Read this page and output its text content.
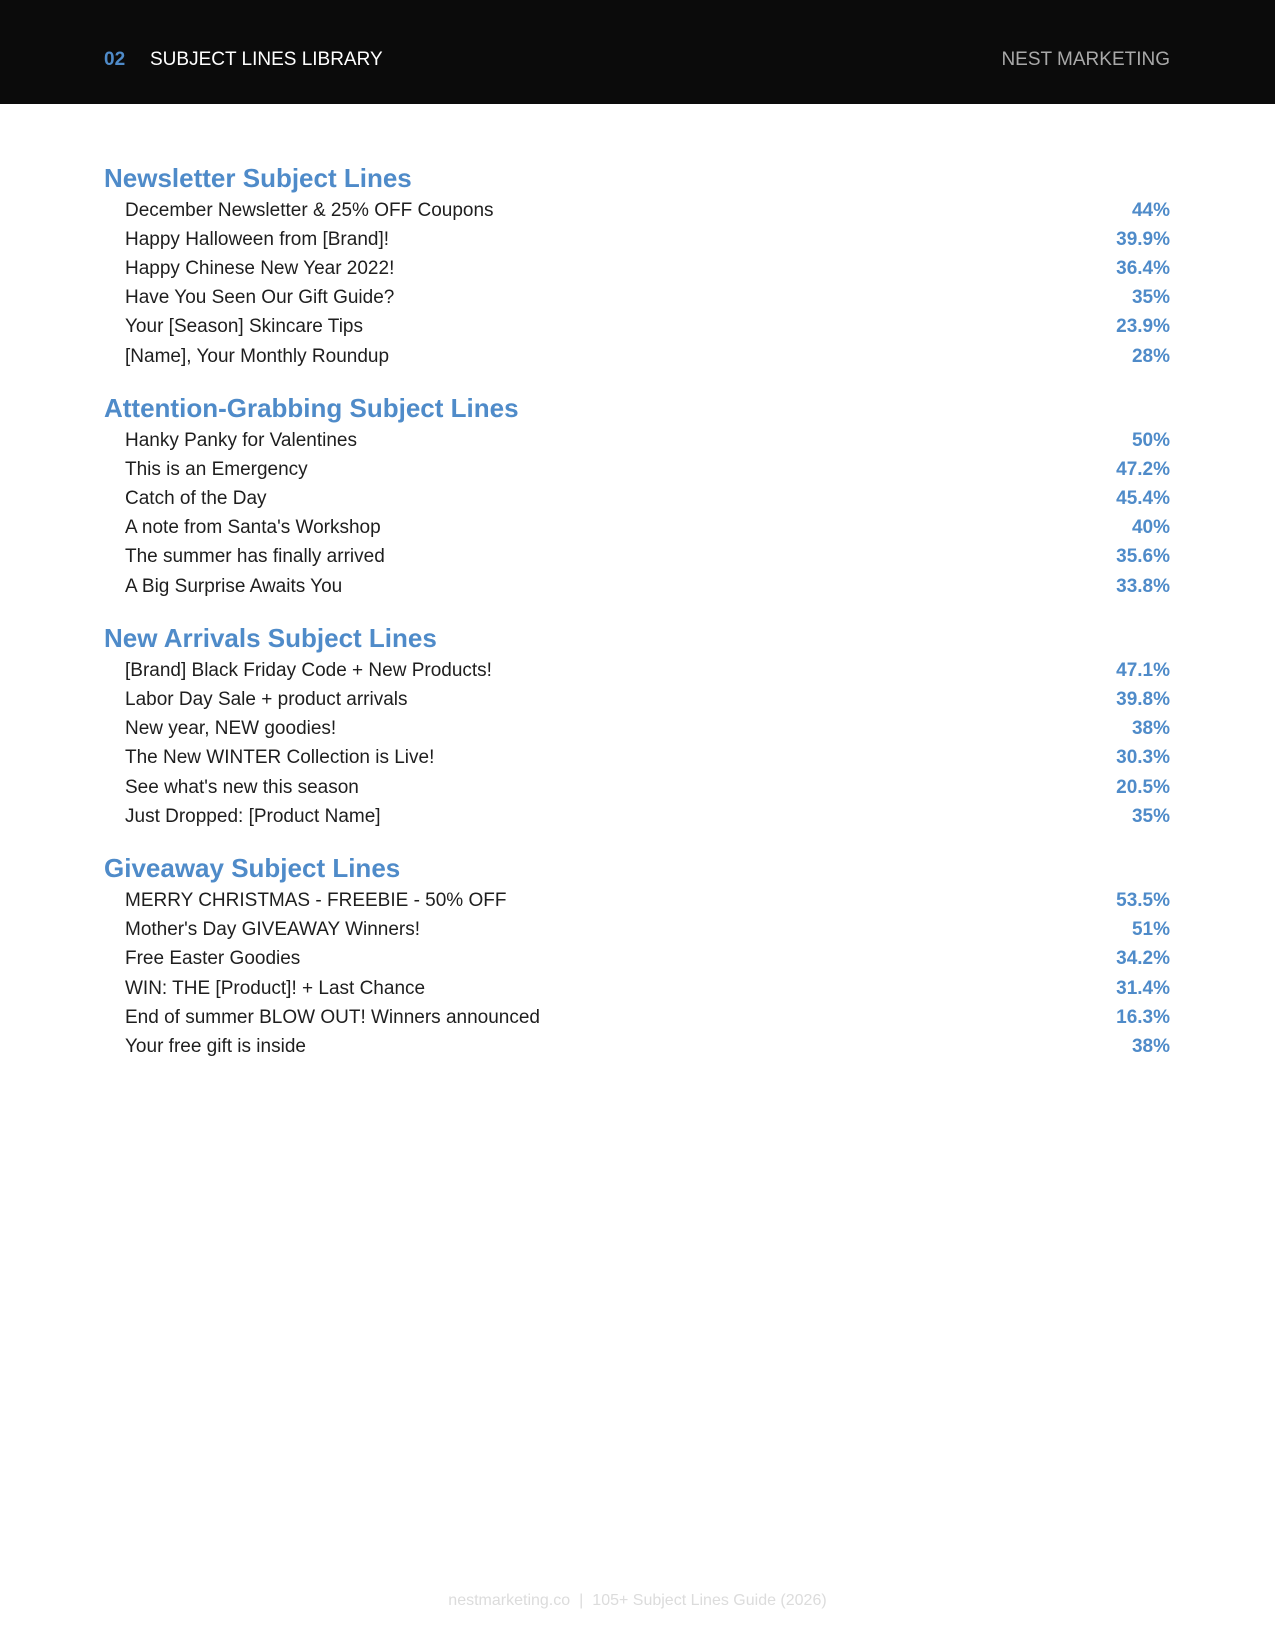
02 SUBJECT LINES LIBRARY	NEST MARKETING
Newsletter Subject Lines
December Newsletter & 25% OFF Coupons	44%
Happy Halloween from [Brand]!	39.9%
Happy Chinese New Year 2022!	36.4%
Have You Seen Our Gift Guide?	35%
Your [Season] Skincare Tips	23.9%
[Name], Your Monthly Roundup	28%
Attention-Grabbing Subject Lines
Hanky Panky for Valentines	50%
This is an Emergency	47.2%
Catch of the Day	45.4%
A note from Santa's Workshop	40%
The summer has finally arrived	35.6%
A Big Surprise Awaits You	33.8%
New Arrivals Subject Lines
[Brand] Black Friday Code + New Products!	47.1%
Labor Day Sale + product arrivals	39.8%
New year, NEW goodies!	38%
The New WINTER Collection is Live!	30.3%
See what's new this season	20.5%
Just Dropped: [Product Name]	35%
Giveaway Subject Lines
MERRY CHRISTMAS - FREEBIE - 50% OFF	53.5%
Mother's Day GIVEAWAY Winners!	51%
Free Easter Goodies	34.2%
WIN: THE [Product]! + Last Chance	31.4%
End of summer BLOW OUT! Winners announced	16.3%
Your free gift is inside	38%
nestmarketing.co | 105+ Subject Lines Guide (2026)
